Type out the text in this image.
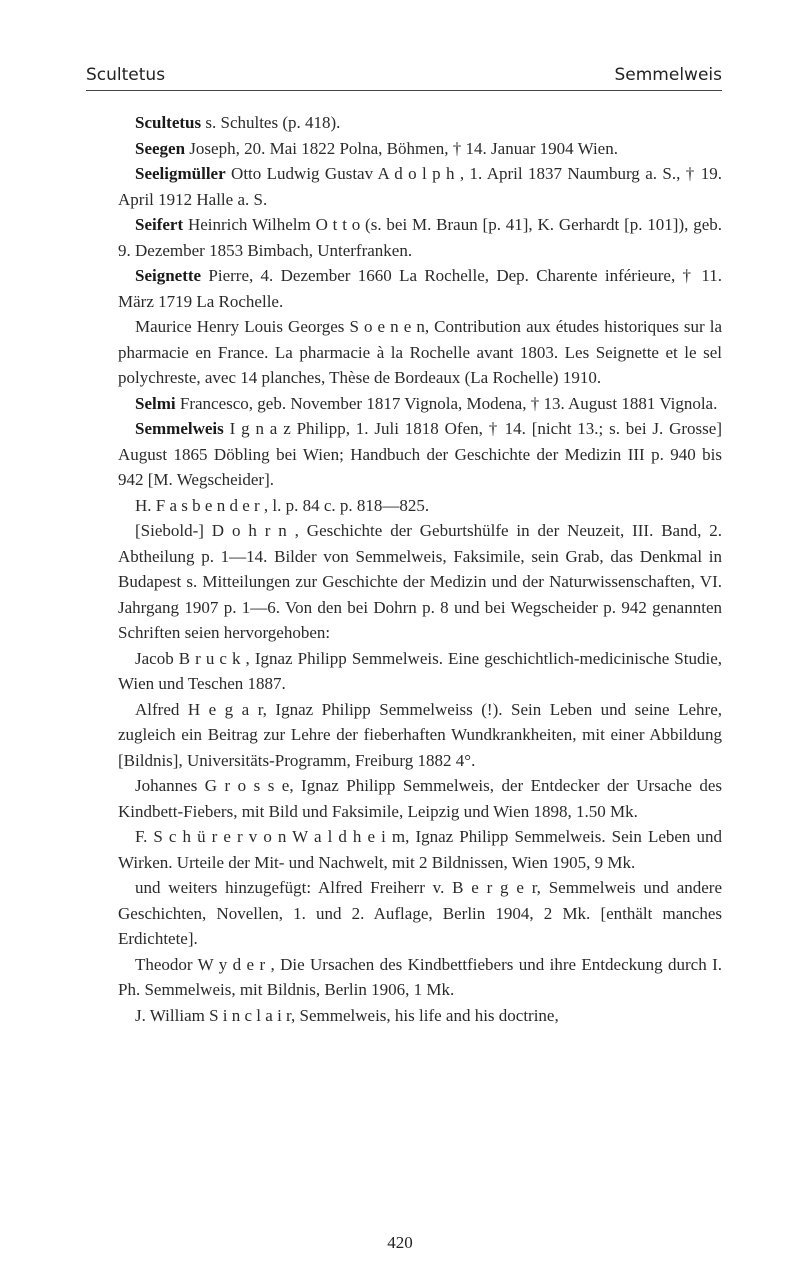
Scultetus	Semmelweis

Scultetus s. Schultes (p. 418).

Seegen Joseph, 20. Mai 1822 Polna, Böhmen, † 14. Januar 1904 Wien.

Seeligmüller Otto Ludwig Gustav A d o l p h , 1. April 1837 Naumburg a. S., † 19. April 1912 Halle a. S.

Seifert Heinrich Wilhelm O t t o (s. bei M. Braun [p. 41], K. Gerhardt [p. 101]), geb. 9. Dezember 1853 Bimbach, Unterfranken.

Seignette Pierre, 4. Dezember 1660 La Rochelle, Dep. Charente inférieure, † 11. März 1719 La Rochelle.

Maurice Henry Louis Georges S o e n e n, Contribution aux études historiques sur la pharmacie en France. La pharmacie à la Rochelle avant 1803. Les Seignette et le sel polychreste, avec 14 planches, Thèse de Bordeaux (La Rochelle) 1910.

Selmi Francesco, geb. November 1817 Vignola, Modena, † 13. August 1881 Vignola.

Semmelweis I g n a z Philipp, 1. Juli 1818 Ofen, † 14. [nicht 13.; s. bei J. Grosse] August 1865 Döbling bei Wien; Handbuch der Geschichte der Medizin III p. 940 bis 942 [M. Wegscheider].

H. F a s b e n d e r , l. p. 84 c. p. 818—825.

[Siebold-] D o h r n , Geschichte der Geburtshülfe in der Neuzeit, III. Band, 2. Abtheilung p. 1—14. Bilder von Semmelweis, Faksimile, sein Grab, das Denkmal in Budapest s. Mitteilungen zur Geschichte der Medizin und der Naturwissenschaften, VI. Jahrgang 1907 p. 1—6. Von den bei Dohrn p. 8 und bei Wegscheider p. 942 genannten Schriften seien hervorgehoben:

Jacob B r u c k , Ignaz Philipp Semmelweis. Eine geschichtlich-medicinische Studie, Wien und Teschen 1887.

Alfred H e g a r, Ignaz Philipp Semmelweiss (!). Sein Leben und seine Lehre, zugleich ein Beitrag zur Lehre der fieberhaften Wundkrankheiten, mit einer Abbildung [Bildnis], Universitäts-Programm, Freiburg 1882 4°.

Johannes G r o s s e, Ignaz Philipp Semmelweis, der Entdecker der Ursache des Kindbett-Fiebers, mit Bild und Faksimile, Leipzig und Wien 1898, 1.50 Mk.

F. S c h ü r e r v o n W a l d h e i m, Ignaz Philipp Semmelweis. Sein Leben und Wirken. Urteile der Mit- und Nachwelt, mit 2 Bildnissen, Wien 1905, 9 Mk.

und weiters hinzugefügt: Alfred Freiherr v. B e r g e r, Semmelweis und andere Geschichten, Novellen, 1. und 2. Auflage, Berlin 1904, 2 Mk. [enthält manches Erdichtete].

Theodor W y d e r , Die Ursachen des Kindbettfiebers und ihre Entdeckung durch I. Ph. Semmelweis, mit Bildnis, Berlin 1906, 1 Mk.

J. William S i n c l a i r, Semmelweis, his life and his doctrine,

420
